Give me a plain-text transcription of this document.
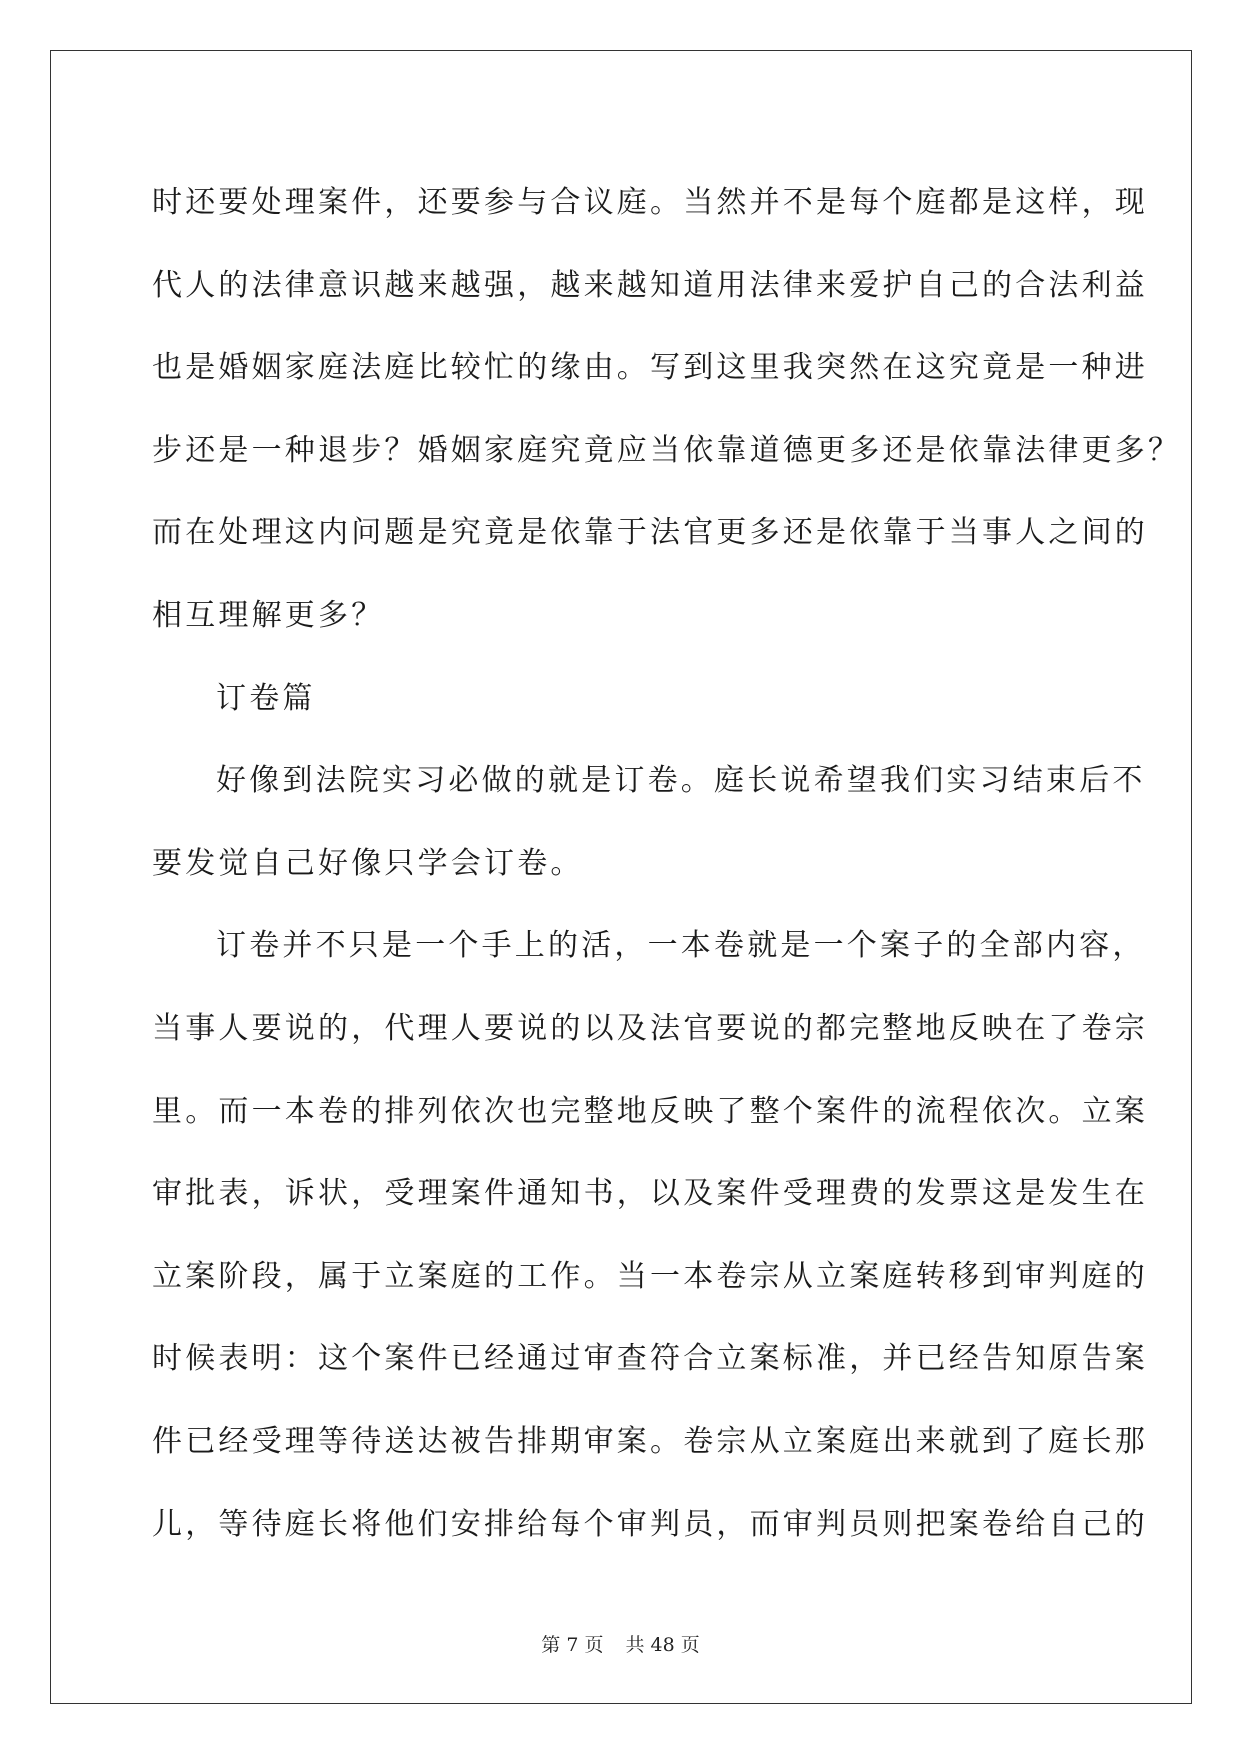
时还要处理案件，还要参与合议庭。当然并不是每个庭都是这样，现
代人的法律意识越来越强，越来越知道用法律来爱护自己的合法利益
也是婚姻家庭法庭比较忙的缘由。写到这里我突然在这究竟是一种进
步还是一种退步？婚姻家庭究竟应当依靠道德更多还是依靠法律更多？
而在处理这内问题是究竟是依靠于法官更多还是依靠于当事人之间的
相互理解更多？
订卷篇
好像到法院实习必做的就是订卷。庭长说希望我们实习结束后不
要发觉自己好像只学会订卷。
订卷并不只是一个手上的活，一本卷就是一个案子的全部内容，
当事人要说的，代理人要说的以及法官要说的都完整地反映在了卷宗
里。而一本卷的排列依次也完整地反映了整个案件的流程依次。立案
审批表，诉状，受理案件通知书，以及案件受理费的发票这是发生在
立案阶段，属于立案庭的工作。当一本卷宗从立案庭转移到审判庭的
时候表明：这个案件已经通过审查符合立案标准，并已经告知原告案
件已经受理等待送达被告排期审案。卷宗从立案庭出来就到了庭长那
儿，等待庭长将他们安排给每个审判员，而审判员则把案卷给自己的
第 7 页 共 48 页
